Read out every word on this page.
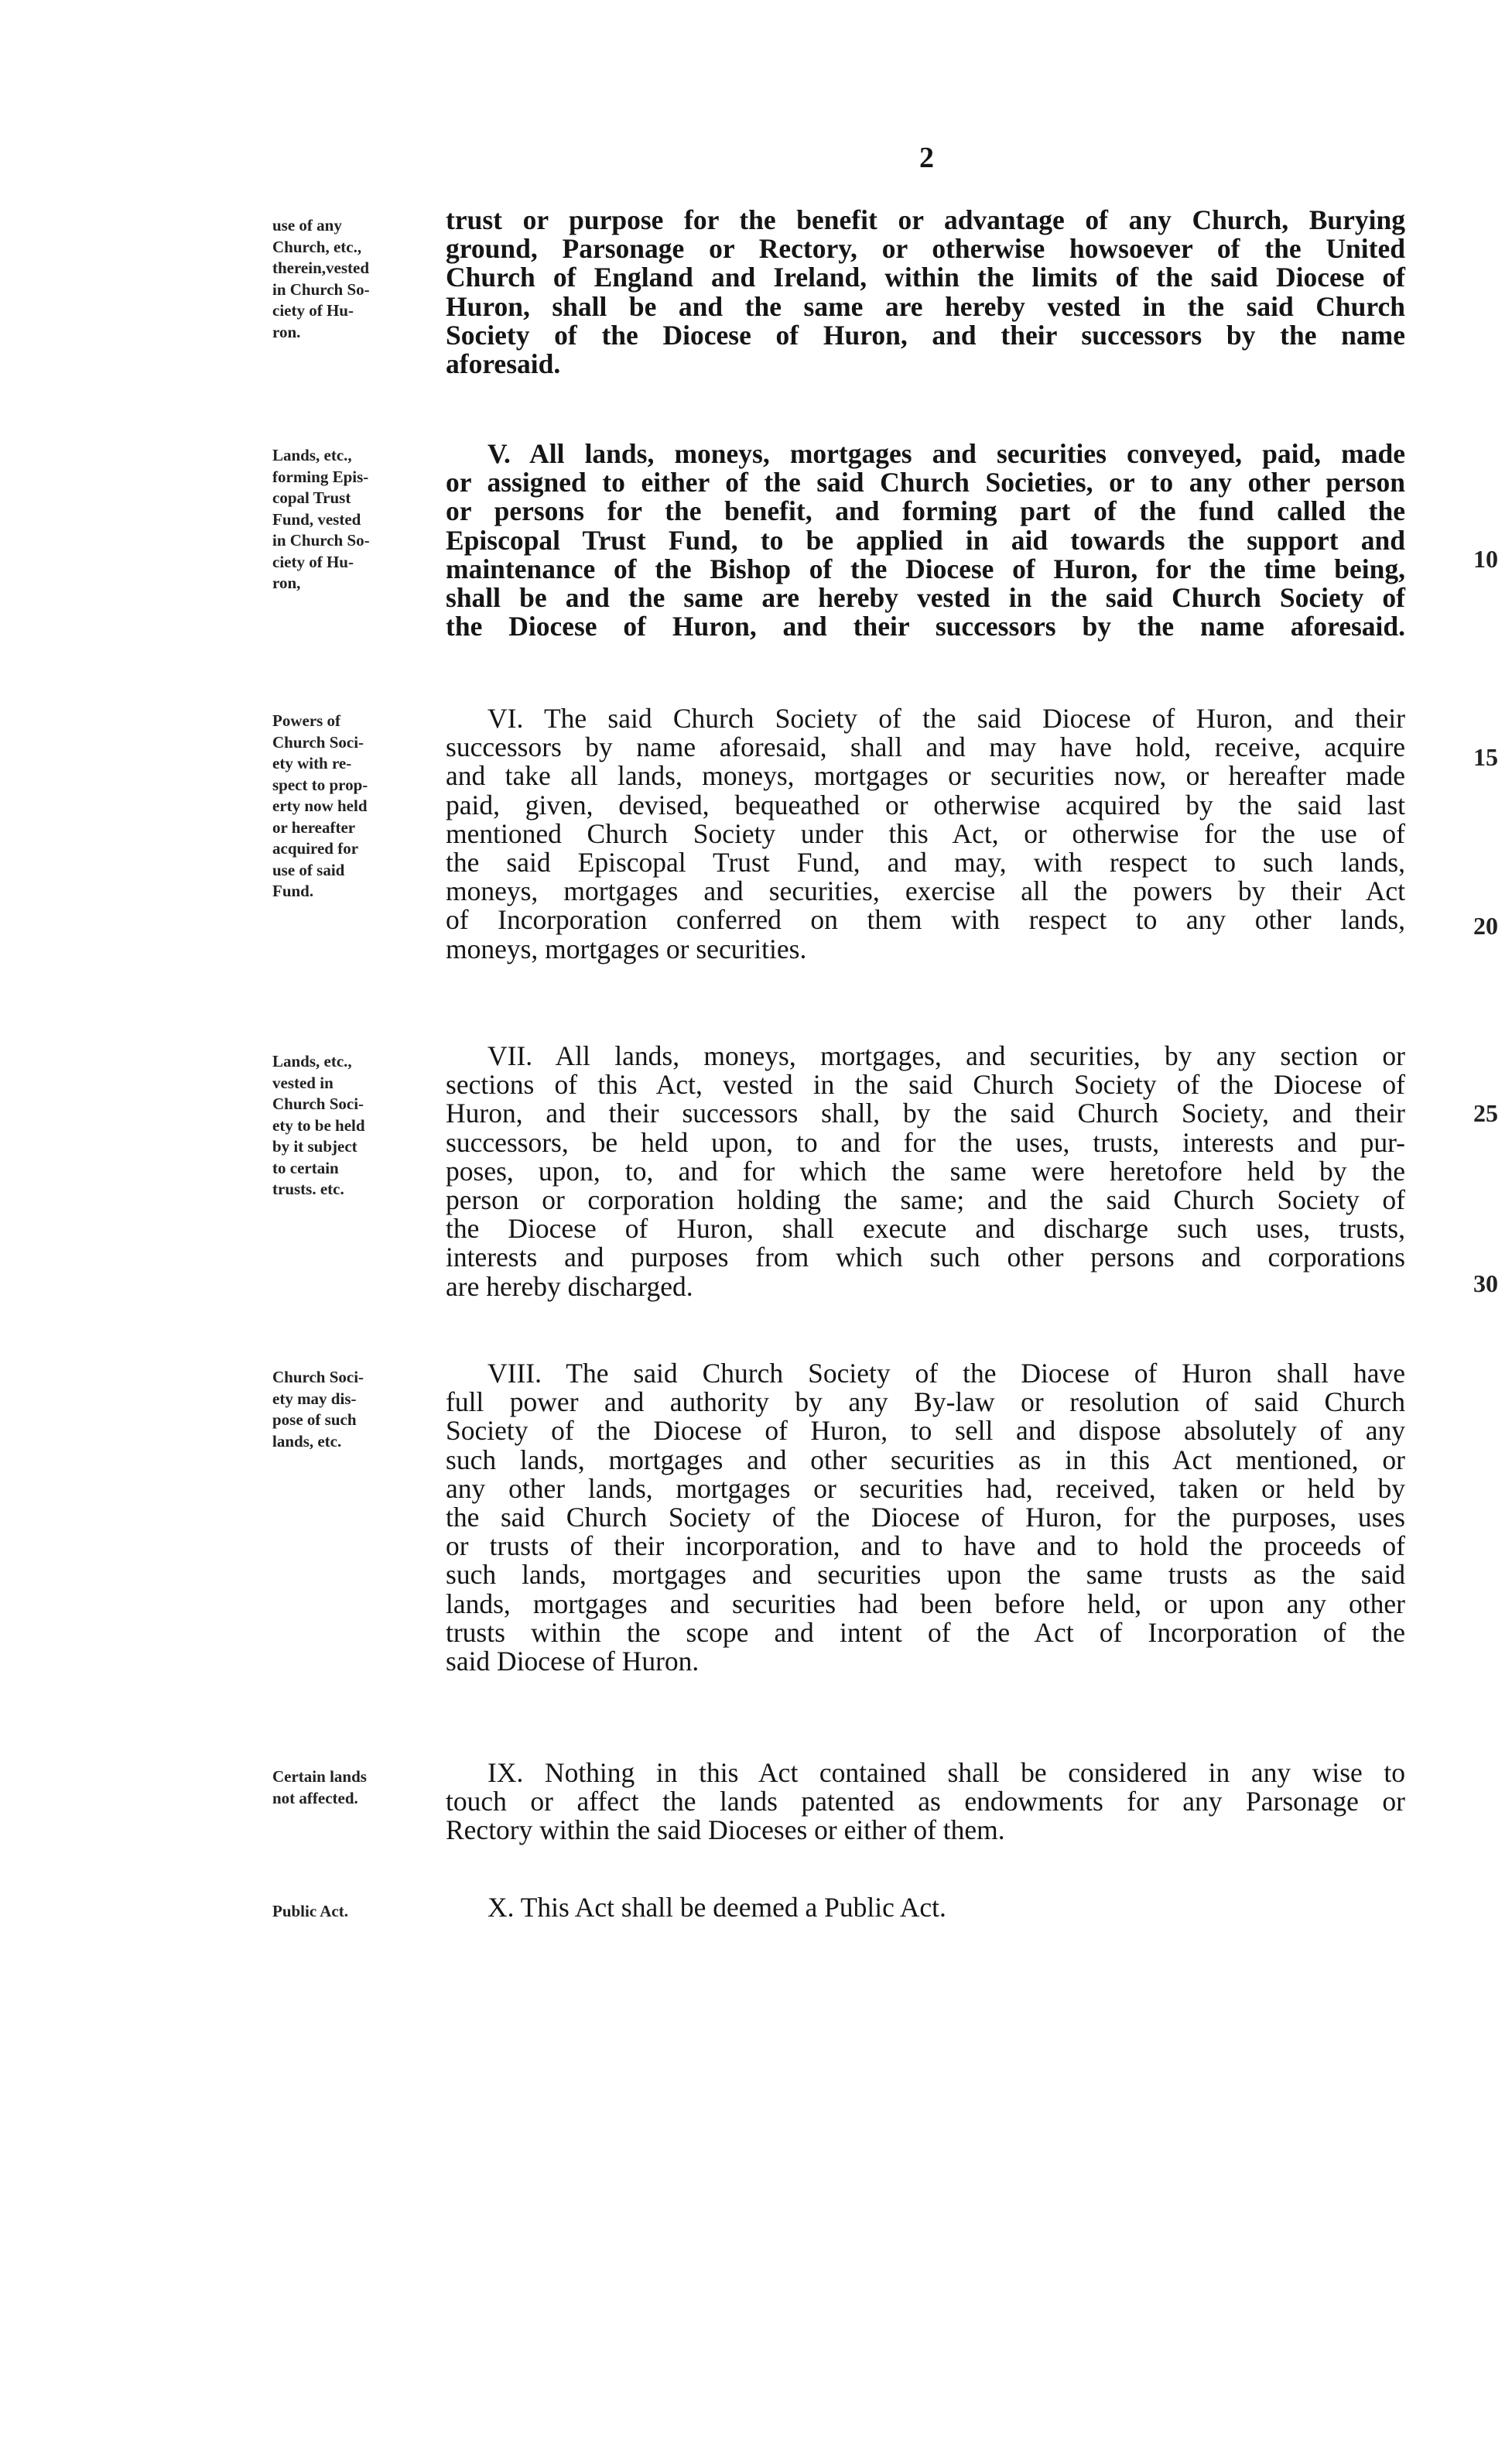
2
use of any
Church, etc.,
therein,vested
in Church So-
ciety of Hu-
ron.
Lands, etc.,
forming Epis-
copal Trust
Fund, vested
in Church So-
ciety of Hu-
ron,
Powers of
Church Soci-
ety with re-
spect to prop-
erty now held
or hereafter
acquired for
use of said
Fund.
Lands, etc.,
vested in
Church Soci-
ety to be held
by it subject
to certain
trusts. etc.
Church Soci-
ety may dis-
pose of such
lands, etc.
Certain lands
not affected.
Public Act.
trust or purpose for the benefit or advantage of any Church, Burying
ground, Parsonage or Rectory, or otherwise howsoever of the United
Church of England and Ireland, within the limits of the said Diocese of
Huron, shall be and the same are hereby vested in the said Church
Society of the Diocese of Huron, and their successors by the name
aforesaid.
V. All lands, moneys, mortgages and securities conveyed, paid, made
or assigned to either of the said Church Societies, or to any other person
or persons for the benefit, and forming part of the fund called the
Episcopal Trust Fund, to be applied in aid towards the support and
maintenance of the Bishop of the Diocese of Huron, for the time being,
shall be and the same are hereby vested in the said Church Society of
the Diocese of Huron, and their successors by the name aforesaid.
VI. The said Church Society of the said Diocese of Huron, and their
successors by name aforesaid, shall and may have hold, receive, acquire
and take all lands, moneys, mortgages or securities now, or hereafter made
paid, given, devised, bequeathed or otherwise acquired by the said last
mentioned Church Society under this Act, or otherwise for the use of
the said Episcopal Trust Fund, and may, with respect to such lands,
moneys, mortgages and securities, exercise all the powers by their Act
of Incorporation conferred on them with respect to any other lands,
moneys, mortgages or securities.
VII. All lands, moneys, mortgages, and securities, by any section or
sections of this Act, vested in the said Church Society of the Diocese of
Huron, and their successors shall, by the said Church Society, and their
successors, be held upon, to and for the uses, trusts, interests and pur-
poses, upon, to, and for which the same were heretofore held by the
person or corporation holding the same; and the said Church Society of
the Diocese of Huron, shall execute and discharge such uses, trusts,
interests and purposes from which such other persons and corporations
are hereby discharged.
VIII. The said Church Society of the Diocese of Huron shall have
full power and authority by any By-law or resolution of said Church
Society of the Diocese of Huron, to sell and dispose absolutely of any
such lands, mortgages and other securities as in this Act mentioned, or
any other lands, mortgages or securities had, received, taken or held by
the said Church Society of the Diocese of Huron, for the purposes, uses
or trusts of their incorporation, and to have and to hold the proceeds of
such lands, mortgages and securities upon the same trusts as the said
lands, mortgages and securities had been before held, or upon any other
trusts within the scope and intent of the Act of Incorporation of the
said Diocese of Huron.
IX. Nothing in this Act contained shall be considered in any wise to
touch or affect the lands patented as endowments for any Parsonage or
Rectory within the said Dioceses or either of them.
X. This Act shall be deemed a Public Act.
10
15
20
25
30
